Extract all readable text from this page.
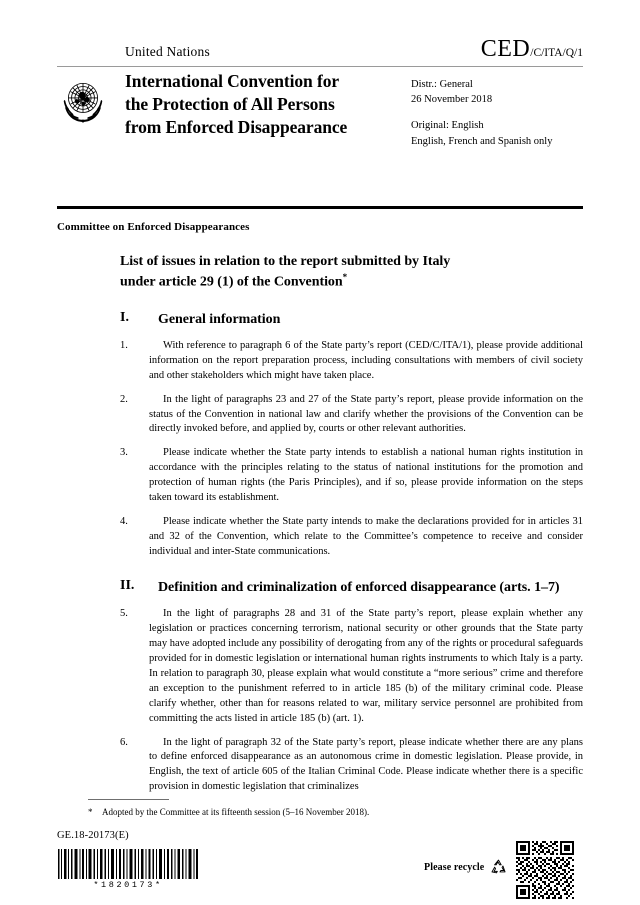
United Nations	CED/C/ITA/Q/1
International Convention for
the Protection of All Persons
from Enforced Disappearance
Distr.: General
26 November 2018
Original: English
English, French and Spanish only
Committee on Enforced Disappearances
List of issues in relation to the report submitted by Italy
under article 29 (1) of the Convention*
I. General information
1.	With reference to paragraph 6 of the State party’s report (CED/C/ITA/1), please provide additional information on the report preparation process, including consultations with members of civil society and other stakeholders which might have taken place.
2.	In the light of paragraphs 23 and 27 of the State party’s report, please provide information on the status of the Convention in national law and clarify whether the provisions of the Convention can be directly invoked before, and applied by, courts or other relevant authorities.
3.	Please indicate whether the State party intends to establish a national human rights institution in accordance with the principles relating to the status of national institutions for the promotion and protection of human rights (the Paris Principles), and if so, please provide information on the steps taken toward its establishment.
4.	Please indicate whether the State party intends to make the declarations provided for in articles 31 and 32 of the Convention, which relate to the Committee’s competence to receive and consider individual and inter-State communications.
II. Definition and criminalization of enforced disappearance (arts. 1–7)
5.	In the light of paragraphs 28 and 31 of the State party’s report, please explain whether any legislation or practices concerning terrorism, national security or other grounds that the State party may have adopted include any possibility of derogating from any of the rights or procedural safeguards provided for in domestic legislation or international human rights instruments to which Italy is a party. In relation to paragraph 30, please explain what would constitute a “more serious” crime and therefore an exception to the punishment referred to in article 185 (b) of the military criminal code. Please clarify whether, other than for reasons related to war, military service personnel are prohibited from committing the acts listed in article 185 (b) (art. 1).
6.	In the light of paragraph 32 of the State party’s report, please indicate whether there are any plans to define enforced disappearance as an autonomous crime in domestic legislation. Please provide, in English, the text of article 605 of the Italian Criminal Code. Please indicate whether there is a specific provision in domestic legislation that criminalizes
* Adopted by the Committee at its fifteenth session (5–16 November 2018).
GE.18-20173(E)
*1820173*
Please recycle
